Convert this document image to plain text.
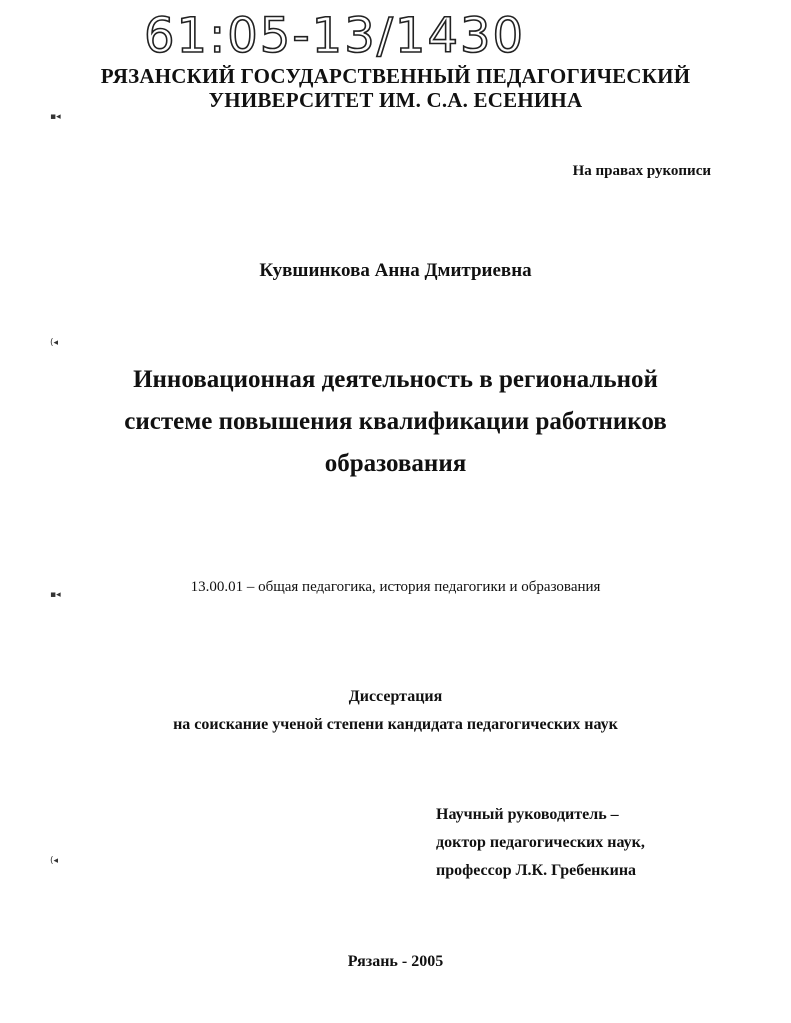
61:05-13/1430
РЯЗАНСКИЙ ГОСУДАРСТВЕННЫЙ ПЕДАГОГИЧЕСКИЙ
УНИВЕРСИТЕТ ИМ. С.А. ЕСЕНИНА
На правах рукописи
▪◂
Кувшинкова Анна Дмитриевна
(◂
Инновационная деятельность в региональной
системе повышения квалификации работников
образования
▪◂	13.00.01 – общая педагогика, история педагогики и образования
Диссертация
на соискание ученой степени кандидата педагогических наук
(◂
Научный руководитель –
доктор педагогических наук,
профессор Л.К. Гребенкина
Рязань - 2005
